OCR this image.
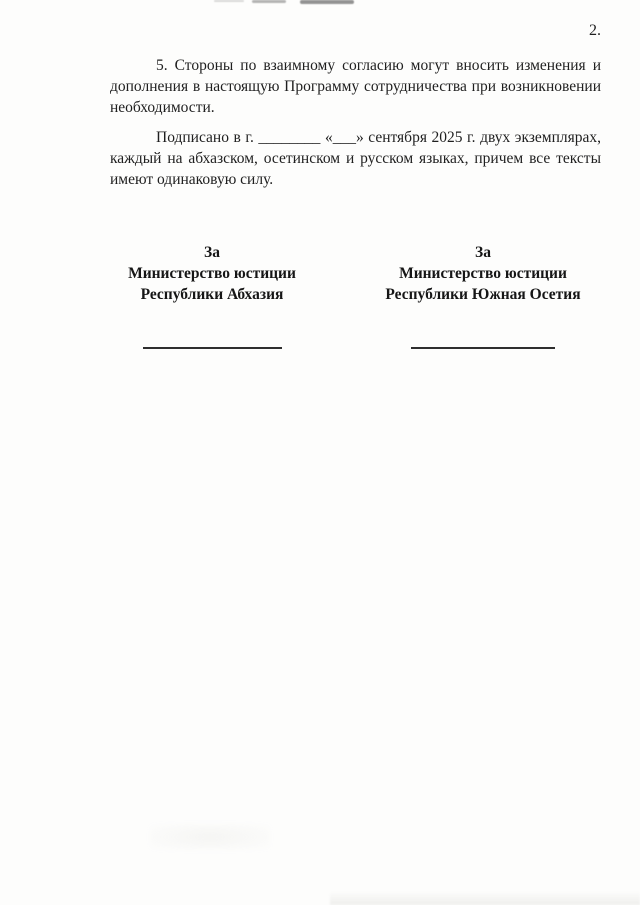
2.
5. Стороны по взаимному согласию могут вносить изменения и
дополнения в настоящую Программу сотрудничества при возникновении
необходимости.
Подписано в г. ________ «___» сентября 2025 г. двух экземплярах,
каждый на абхазском, осетинском и русском языках, причем все тексты
имеют одинаковую силу.
За
Министерство юстиции
Республики Абхазия
За
Министерство юстиции
Республики Южная Осетия
